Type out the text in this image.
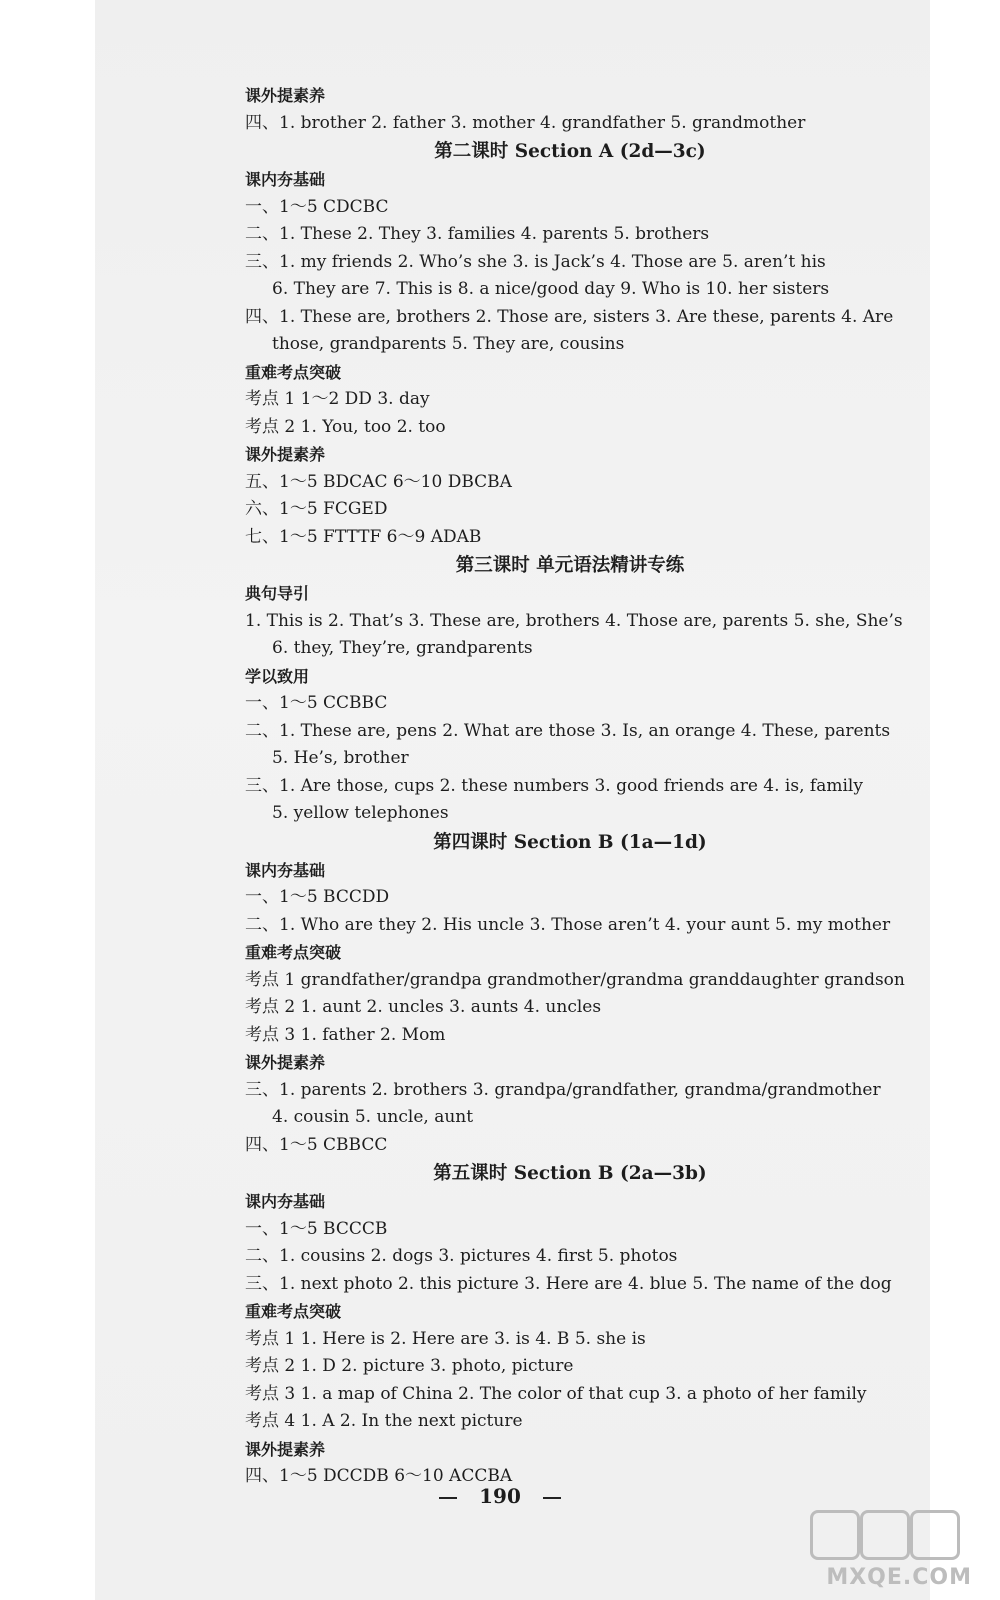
课外提素养
四、1. brother 2. father 3. mother 4. grandfather 5. grandmother
第二课时 Section A (2d—3c)
课内夯基础
一、1～5 CDCBC
二、1. These 2. They 3. families 4. parents 5. brothers
三、1. my friends 2. Who’s she 3. is Jack’s 4. Those are 5. aren’t his
6. They are 7. This is 8. a nice/good day 9. Who is 10. her sisters
四、1. These are, brothers 2. Those are, sisters 3. Are these, parents 4. Are
those, grandparents 5. They are, cousins
重难考点突破
考点 1 1～2 DD 3. day
考点 2 1. You, too 2. too
课外提素养
五、1～5 BDCAC 6～10 DBCBA
六、1～5 FCGED
七、1～5 FTTTF 6～9 ADAB
第三课时 单元语法精讲专练
典句导引
1. This is 2. That’s 3. These are, brothers 4. Those are, parents 5. she, She’s
6. they, They’re, grandparents
学以致用
一、1～5 CCBBC
二、1. These are, pens 2. What are those 3. Is, an orange 4. These, parents
5. He’s, brother
三、1. Are those, cups 2. these numbers 3. good friends are 4. is, family
5. yellow telephones
第四课时 Section B (1a—1d)
课内夯基础
一、1～5 BCCDD
二、1. Who are they 2. His uncle 3. Those aren’t 4. your aunt 5. my mother
重难考点突破
考点 1 grandfather/grandpa grandmother/grandma granddaughter grandson
考点 2 1. aunt 2. uncles 3. aunts 4. uncles
考点 3 1. father 2. Mom
课外提素养
三、1. parents 2. brothers 3. grandpa/grandfather, grandma/grandmother
4. cousin 5. uncle, aunt
四、1～5 CBBCC
第五课时 Section B (2a—3b)
课内夯基础
一、1～5 BCCCB
二、1. cousins 2. dogs 3. pictures 4. first 5. photos
三、1. next photo 2. this picture 3. Here are 4. blue 5. The name of the dog
重难考点突破
考点 1 1. Here is 2. Here are 3. is 4. B 5. she is
考点 2 1. D 2. picture 3. photo, picture
考点 3 1. a map of China 2. The color of that cup 3. a photo of her family
考点 4 1. A 2. In the next picture
课外提素养
四、1～5 DCCDB 6～10 ACCBA
190
MXQE.COM
